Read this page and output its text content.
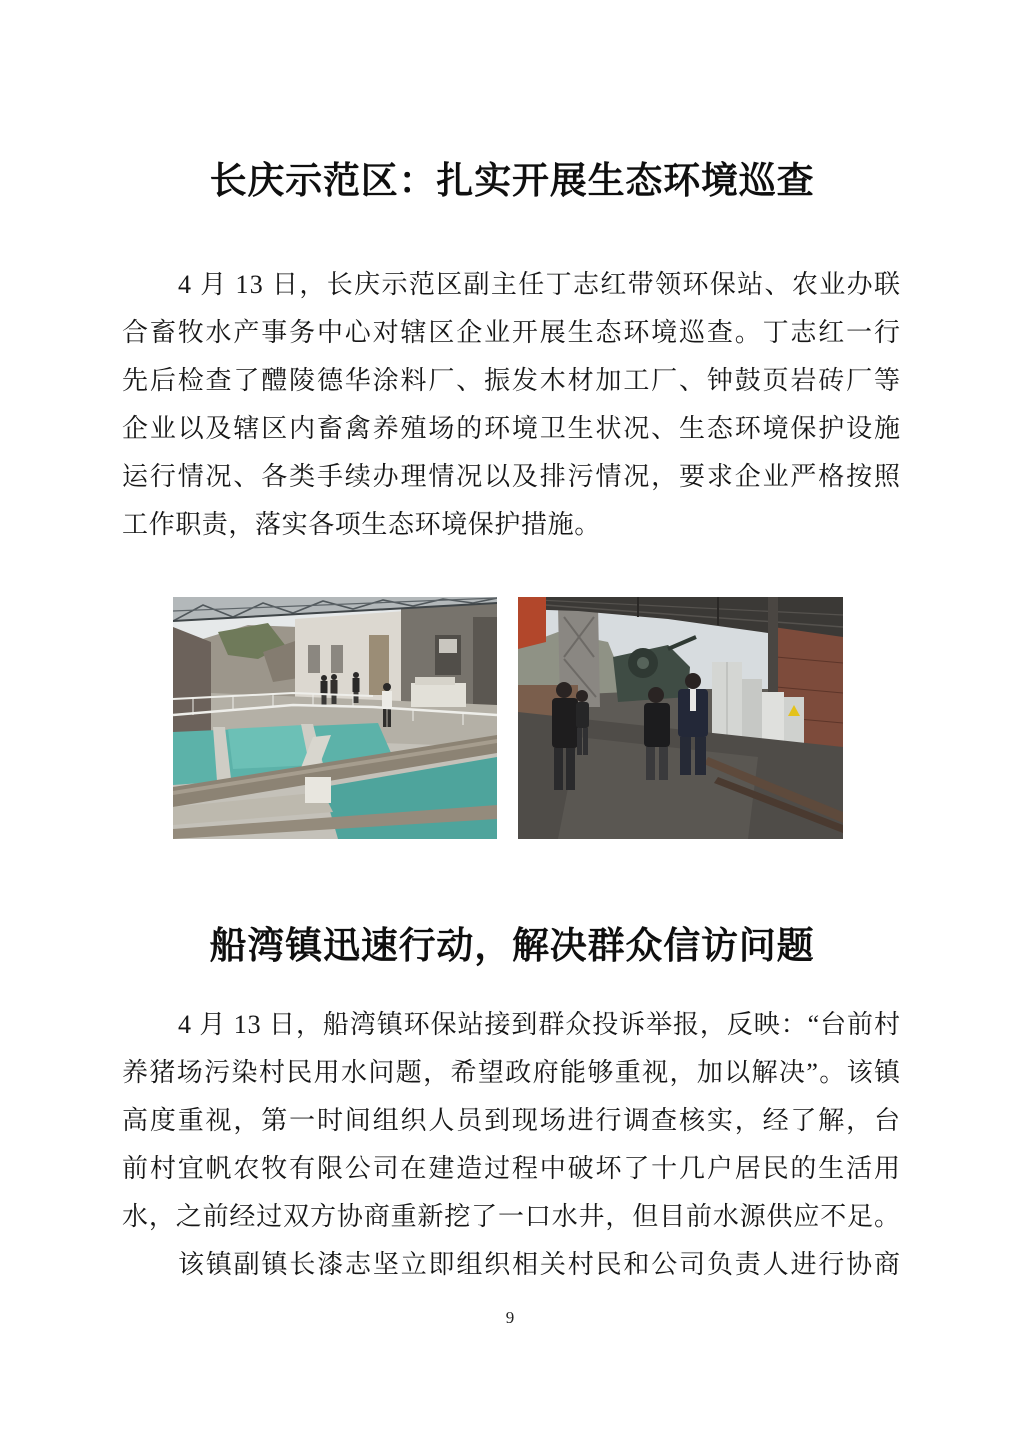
长庆示范区：扎实开展生态环境巡查
4 月 13 日，长庆示范区副主任丁志红带领环保站、农业办联
合畜牧水产事务中心对辖区企业开展生态环境巡查。丁志红一行
先后检查了醴陵德华涂料厂、振发木材加工厂、钟鼓页岩砖厂等
企业以及辖区内畜禽养殖场的环境卫生状况、生态环境保护设施
运行情况、各类手续办理情况以及排污情况，要求企业严格按照
工作职责，落实各项生态环境保护措施。
船湾镇迅速行动，解决群众信访问题
4 月 13 日，船湾镇环保站接到群众投诉举报，反映：“台前村
养猪场污染村民用水问题，希望政府能够重视，加以解决”。该镇
高度重视，第一时间组织人员到现场进行调查核实，经了解，台
前村宜帆农牧有限公司在建造过程中破坏了十几户居民的生活用
水，之前经过双方协商重新挖了一口水井，但目前水源供应不足。
该镇副镇长漆志坚立即组织相关村民和公司负责人进行协商
9
